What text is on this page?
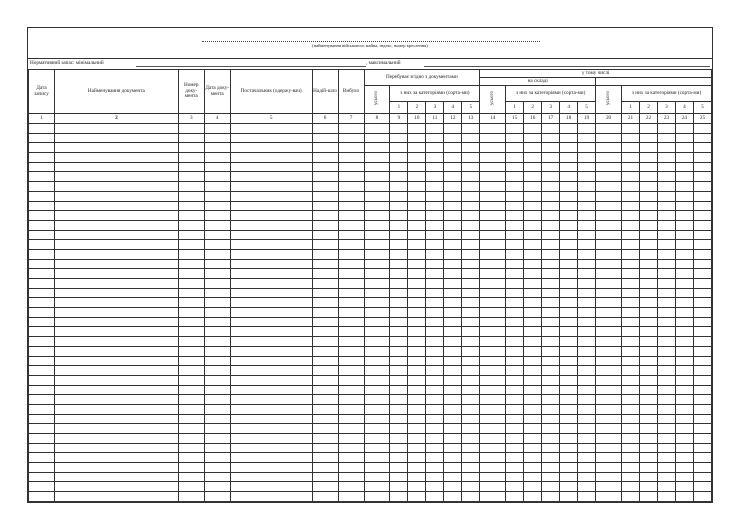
(найменування військового майна, індекс, номер креслення)
Нормативний запас: мінімальний	, максимальний
Дата запису	Найменування документа	Номер доку-мента	Дата доку-мента	Постачальник (одержу-вач)	Надій-шло	Вибуло	Перебуває згідно з документами						у тому числі											
													на складі											
							усього	з них за категоріями (сорта-ми)					усього	з них за категоріями (сорта-ми)					усього	з них за категоріями (сорта-ми)				
								1	2	3	4	5		1	2	3	4	5		1	2	3	4	5
1	2	3	4	5	6	7	8	9	10	11	12	13	14	15	16	17	18	19	20	21	22	23	24	25
